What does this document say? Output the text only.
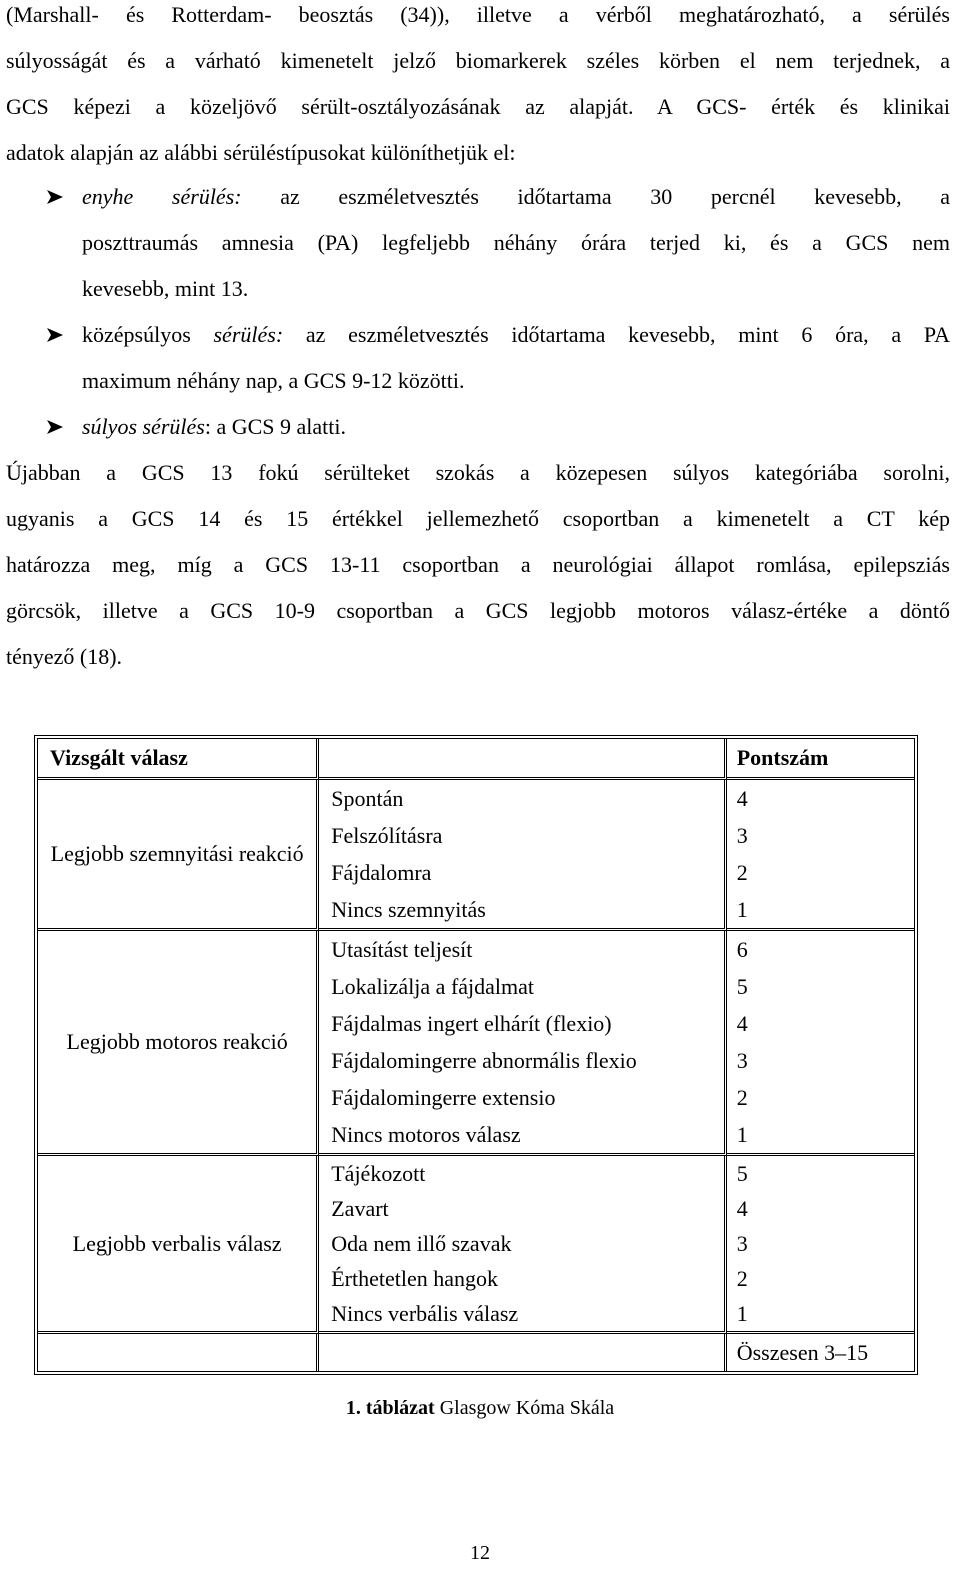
(Marshall- és Rotterdam- beosztás (34)), illetve a vérből meghatározható, a sérülés
súlyosságát és a várható kimenetelt jelző biomarkerek széles körben el nem terjednek, a
GCS képezi a közeljövő sérült-osztályozásának az alapját. A GCS- érték és klinikai
adatok alapján az alábbi sérüléstípusokat különíthetjük el:
enyhe sérülés: az eszméletvesztés időtartama 30 percnél kevesebb, a
poszttraumás amnesia (PA) legfeljebb néhány órára terjed ki, és a GCS nem
kevesebb, mint 13.
középsúlyos sérülés: az eszméletvesztés időtartama kevesebb, mint 6 óra, a PA
maximum néhány nap, a GCS 9-12 közötti.
súlyos sérülés: a GCS 9 alatti.
Újabban a GCS 13 fokú sérülteket szokás a közepesen súlyos kategóriába sorolni,
ugyanis a GCS 14 és 15 értékkel jellemezhető csoportban a kimenetelt a CT kép
határozza meg, míg a GCS 13-11 csoportban a neurológiai állapot romlása, epilepsziás
görcsök, illetve a GCS 10-9 csoportban a GCS legjobb motoros válasz-értéke a döntő
tényező (18).
Vizsgált válasz		Pontszám
Legjobb szemnyitási reakció	Spontán	4
	Felszólításra	3
	Fájdalomra	2
	Nincs szemnyitás	1
Legjobb motoros reakció	Utasítást teljesít	6
	Lokalizálja a fájdalmat	5
	Fájdalmas ingert elhárít (flexio)	4
	Fájdalomingerre abnormális flexio	3
	Fájdalomingerre extensio	2
	Nincs motoros válasz	1
Legjobb verbalis válasz	Tájékozott	5
	Zavart	4
	Oda nem illő szavak	3
	Érthetetlen hangok	2
	Nincs verbális válasz	1
		Összesen 3–15
1. táblázat Glasgow Kóma Skála
12
